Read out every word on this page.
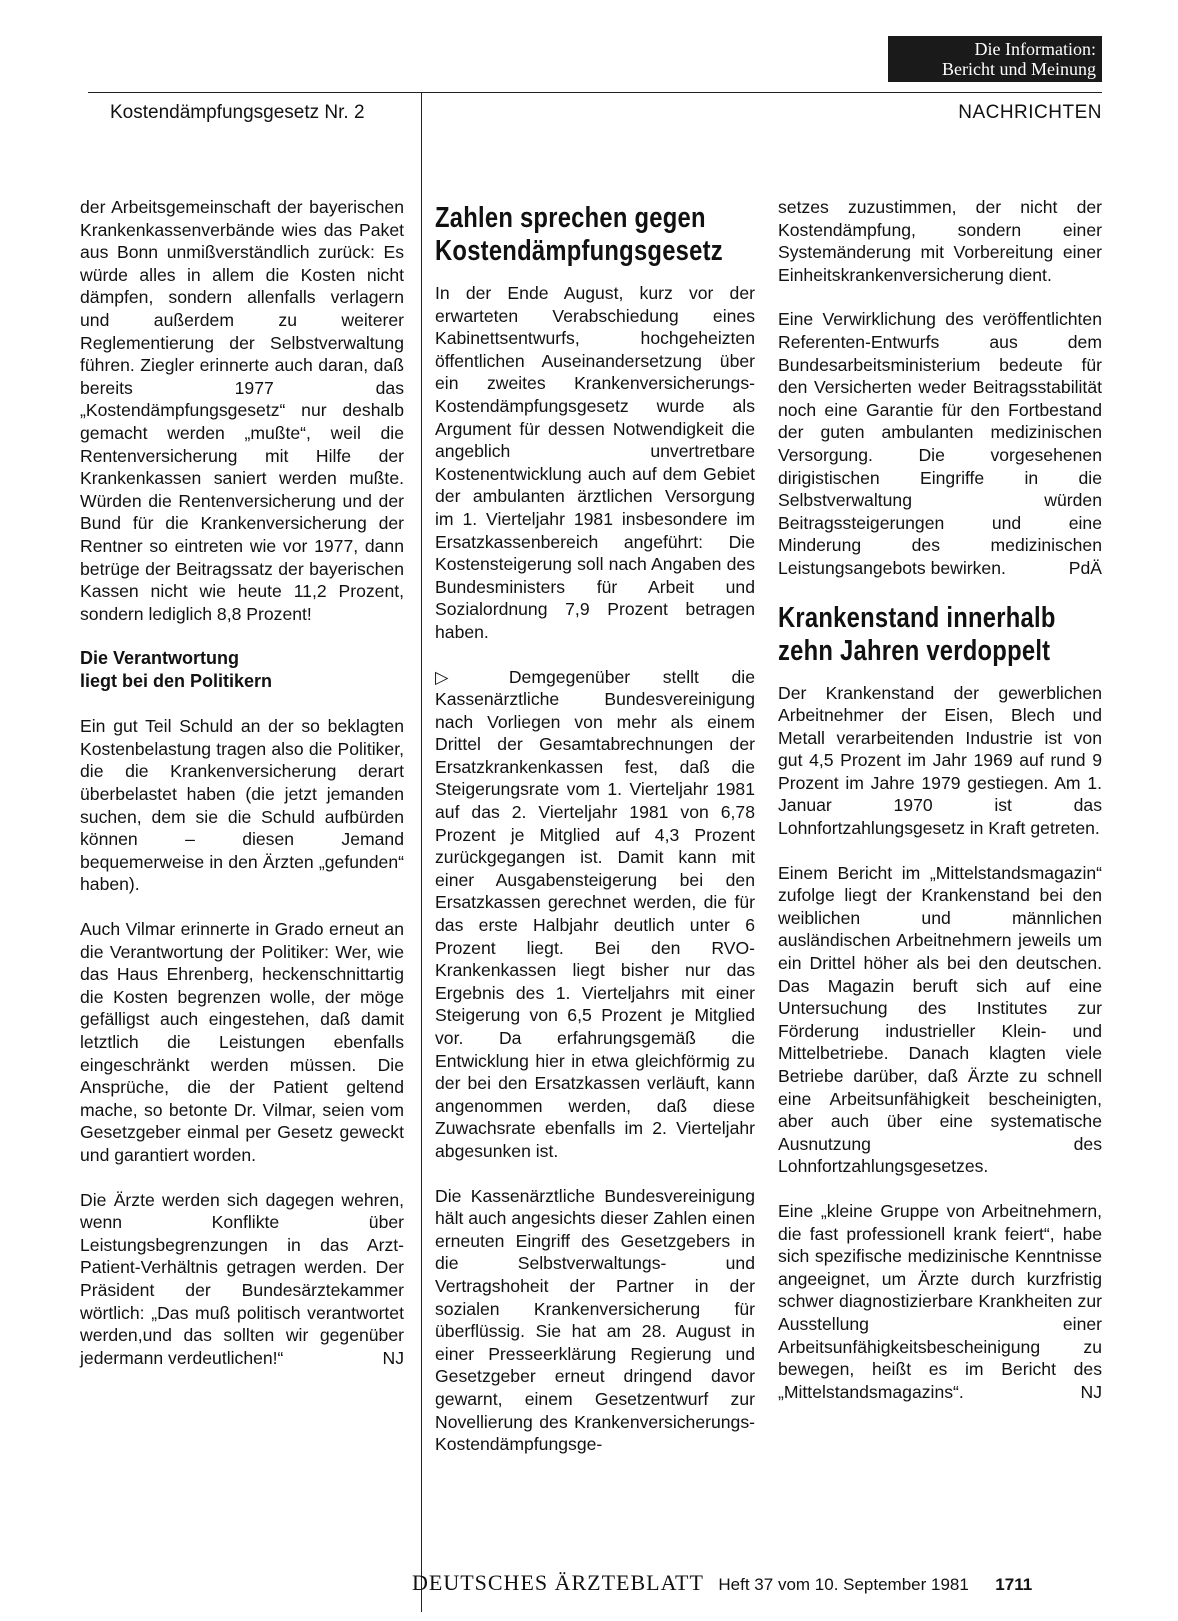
Die Information:
Bericht und Meinung
Kostendämpfungsgesetz Nr. 2	NACHRICHTEN

der Arbeitsgemeinschaft der bayerischen Krankenkassenverbände wies das Paket aus Bonn unmißverständlich zurück: Es würde alles in allem die Kosten nicht dämpfen, sondern allenfalls verlagern und außerdem zu weiterer Reglementierung der Selbstverwaltung führen. Ziegler erinnerte auch daran, daß bereits 1977 das „Kostendämpfungsgesetz“ nur deshalb gemacht werden „mußte“, weil die Rentenversicherung mit Hilfe der Krankenkassen saniert werden mußte. Würden die Rentenversicherung und der Bund für die Krankenversicherung der Rentner so eintreten wie vor 1977, dann betrüge der Beitragssatz der bayerischen Kassen nicht wie heute 11,2 Prozent, sondern lediglich 8,8 Prozent!

Die Verantwortung
liegt bei den Politikern

Ein gut Teil Schuld an der so beklagten Kostenbelastung tragen also die Politiker, die die Krankenversicherung derart überbelastet haben (die jetzt jemanden suchen, dem sie die Schuld aufbürden können – diesen Jemand bequemerweise in den Ärzten „gefunden“ haben).

Auch Vilmar erinnerte in Grado erneut an die Verantwortung der Politiker: Wer, wie das Haus Ehrenberg, heckenschnittartig die Kosten begrenzen wolle, der möge gefälligst auch eingestehen, daß damit letztlich die Leistungen ebenfalls eingeschränkt werden müssen. Die Ansprüche, die der Patient geltend mache, so betonte Dr. Vilmar, seien vom Gesetzgeber einmal per Gesetz geweckt und garantiert worden.

Die Ärzte werden sich dagegen wehren, wenn Konflikte über Leistungsbegrenzungen in das Arzt-Patient-Verhältnis getragen werden. Der Präsident der Bundesärztekammer wörtlich: „Das muß politisch verantwortet werden,und das sollten wir gegenüber jedermann verdeutlichen!“	NJ

Zahlen sprechen gegen
Kostendämpfungsgesetz

In der Ende August, kurz vor der erwarteten Verabschiedung eines Kabinettsentwurfs, hochgeheizten öffentlichen Auseinandersetzung über ein zweites Krankenversicherungs-Kostendämpfungsgesetz wurde als Argument für dessen Notwendigkeit die angeblich unvertretbare Kostenentwicklung auch auf dem Gebiet der ambulanten ärztlichen Versorgung im 1. Vierteljahr 1981 insbesondere im Ersatzkassenbereich angeführt: Die Kostensteigerung soll nach Angaben des Bundesministers für Arbeit und Sozialordnung 7,9 Prozent betragen haben.

▷ Demgegenüber stellt die Kassenärztliche Bundesvereinigung nach Vorliegen von mehr als einem Drittel der Gesamtabrechnungen der Ersatzkrankenkassen fest, daß die Steigerungsrate vom 1. Vierteljahr 1981 auf das 2. Vierteljahr 1981 von 6,78 Prozent je Mitglied auf 4,3 Prozent zurückgegangen ist. Damit kann mit einer Ausgabensteigerung bei den Ersatzkassen gerechnet werden, die für das erste Halbjahr deutlich unter 6 Prozent liegt. Bei den RVO-Krankenkassen liegt bisher nur das Ergebnis des 1. Vierteljahrs mit einer Steigerung von 6,5 Prozent je Mitglied vor. Da erfahrungsgemäß die Entwicklung hier in etwa gleichförmig zu der bei den Ersatzkassen verläuft, kann angenommen werden, daß diese Zuwachsrate ebenfalls im 2. Vierteljahr abgesunken ist.

Die Kassenärztliche Bundesvereinigung hält auch angesichts dieser Zahlen einen erneuten Eingriff des Gesetzgebers in die Selbstverwaltungs- und Vertragshoheit der Partner in der sozialen Krankenversicherung für überflüssig. Sie hat am 28. August in einer Presseerklärung Regierung und Gesetzgeber erneut dringend davor gewarnt, einem Gesetzentwurf zur Novellierung des Krankenversicherungs-Kostendämpfungsge-

setzes zuzustimmen, der nicht der Kostendämpfung, sondern einer Systemänderung mit Vorbereitung einer Einheitskrankenversicherung dient.

Eine Verwirklichung des veröffentlichten Referenten-Entwurfs aus dem Bundesarbeitsministerium bedeute für den Versicherten weder Beitragsstabilität noch eine Garantie für den Fortbestand der guten ambulanten medizinischen Versorgung. Die vorgesehenen dirigistischen Eingriffe in die Selbstverwaltung würden Beitragssteigerungen und eine Minderung des medizinischen Leistungsangebots bewirken.	PdÄ

Krankenstand innerhalb
zehn Jahren verdoppelt

Der Krankenstand der gewerblichen Arbeitnehmer der Eisen, Blech und Metall verarbeitenden Industrie ist von gut 4,5 Prozent im Jahr 1969 auf rund 9 Prozent im Jahre 1979 gestiegen. Am 1. Januar 1970 ist das Lohnfortzahlungsgesetz in Kraft getreten.

Einem Bericht im „Mittelstandsmagazin“ zufolge liegt der Krankenstand bei den weiblichen und männlichen ausländischen Arbeitnehmern jeweils um ein Drittel höher als bei den deutschen. Das Magazin beruft sich auf eine Untersuchung des Institutes zur Förderung industrieller Klein- und Mittelbetriebe. Danach klagten viele Betriebe darüber, daß Ärzte zu schnell eine Arbeitsunfähigkeit bescheinigten, aber auch über eine systematische Ausnutzung des Lohnfortzahlungsgesetzes.

Eine „kleine Gruppe von Arbeitnehmern, die fast professionell krank feiert“, habe sich spezifische medizinische Kenntnisse angeeignet, um Ärzte durch kurzfristig schwer diagnostizierbare Krankheiten zur Ausstellung einer Arbeitsunfähigkeitsbescheinigung zu bewegen, heißt es im Bericht des „Mittelstandsmagazins“.	NJ

DEUTSCHES ÄRZTEBLATT Heft 37 vom 10. September 1981 1711
